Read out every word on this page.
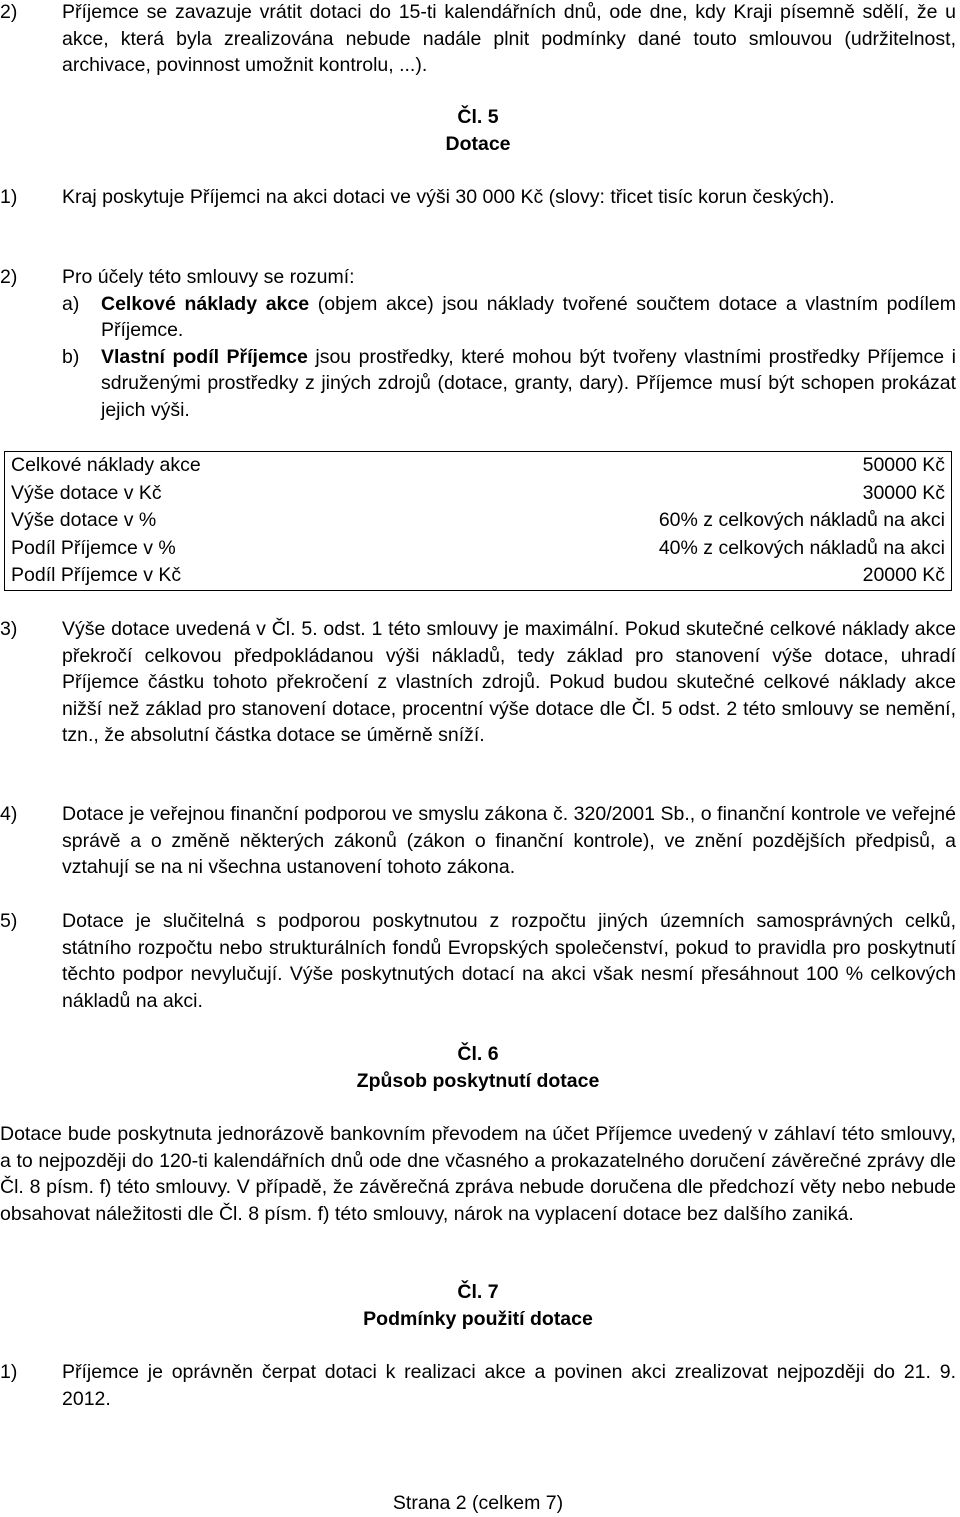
2)	Příjemce se zavazuje vrátit dotaci do 15-ti kalendářních dnů, ode dne, kdy Kraji písemně sdělí, že u akce, která byla zrealizována nebude nadále plnit podmínky dané touto smlouvou (udržitelnost, archivace, povinnost umožnit kontrolu, ...).
Čl. 5
Dotace
1)	Kraj poskytuje Příjemci na akci dotaci ve výši 30 000 Kč (slovy: třicet tisíc korun českých).
2)	Pro účely této smlouvy se rozumí:
a)	Celkové náklady akce (objem akce) jsou náklady tvořené součtem dotace a vlastním podílem Příjemce.
b)	Vlastní podíl Příjemce jsou prostředky, které mohou být tvořeny vlastními prostředky Příjemce i sdruženými prostředky z jiných zdrojů (dotace, granty, dary). Příjemce musí být schopen prokázat jejich výši.
Celkové náklady akce	50000 Kč
Výše dotace v Kč	30000 Kč
Výše dotace v %	60% z celkových nákladů na akci
Podíl Příjemce v %	40% z celkových nákladů na akci
Podíl Příjemce v Kč	20000 Kč
3)	Výše dotace uvedená v Čl. 5. odst. 1 této smlouvy je maximální. Pokud skutečné celkové náklady akce překročí celkovou předpokládanou výši nákladů, tedy základ pro stanovení výše dotace, uhradí Příjemce částku tohoto překročení z vlastních zdrojů. Pokud budou skutečné celkové náklady akce nižší než základ pro stanovení dotace, procentní výše dotace dle Čl. 5 odst. 2 této smlouvy se nemění, tzn., že absolutní částka dotace se úměrně sníží.
4)	Dotace je veřejnou finanční podporou ve smyslu zákona č. 320/2001 Sb., o finanční kontrole ve veřejné správě a o změně některých zákonů (zákon o finanční kontrole), ve znění pozdějších předpisů, a vztahují se na ni všechna ustanovení tohoto zákona.
5)	Dotace je slučitelná s podporou poskytnutou z rozpočtu jiných územních samosprávných celků, státního rozpočtu nebo strukturálních fondů Evropských společenství, pokud to pravidla pro poskytnutí těchto podpor nevylučují. Výše poskytnutých dotací na akci však nesmí přesáhnout 100 % celkových nákladů na akci.
Čl. 6
Způsob poskytnutí dotace
Dotace bude poskytnuta jednorázově bankovním převodem na účet Příjemce uvedený v záhlaví této smlouvy, a to nejpozději do 120-ti kalendářních dnů ode dne včasného a prokazatelného doručení závěrečné zprávy dle Čl. 8 písm. f) této smlouvy. V případě, že závěrečná zpráva nebude doručena dle předchozí věty nebo nebude obsahovat náležitosti dle Čl. 8 písm. f) této smlouvy, nárok na vyplacení dotace bez dalšího zaniká.
Čl. 7
Podmínky použití dotace
1)	Příjemce je oprávněn čerpat dotaci k realizaci akce a povinen akci zrealizovat nejpozději do 21. 9. 2012.
Strana 2 (celkem 7)
